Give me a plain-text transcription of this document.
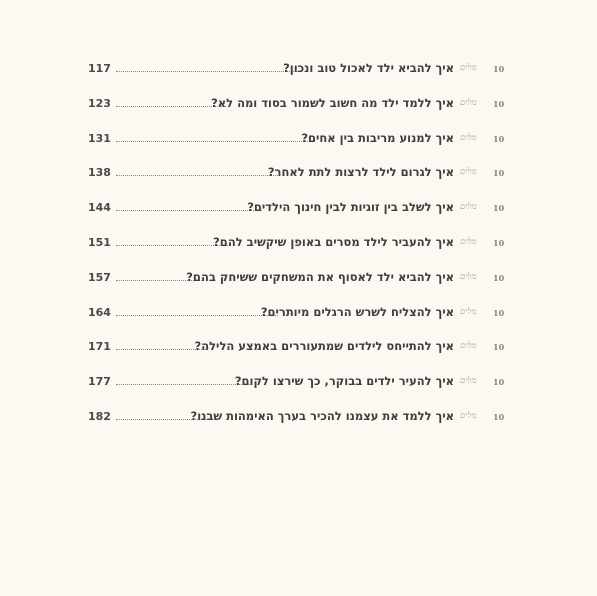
117	איך להביא ילד לאכול טוב ונכון? מלים 10
123	איך ללמד ילד מה חשוב לשמור בסוד ומה לא? מלים 10
131	איך למנוע מריבות בין אחים? מלים 10
138	איך לגרום לילד לרצות לתת לאחר? מלים 10
144	איך לשלב בין זוגיות לבין חינוך הילדים? מלים 10
151	איך להעביר לילד מסרים באופן שיקשיב להם? מלים 10
157	איך להביא ילד לאסוף את המשחקים ששיחק בהם? מלים 10
164	איך להצליח לשרש הרגלים מיותרים? מלים 10
171	איך להתייחס לילדים שמתעוררים באמצע הלילה? מלים 10
177	איך להעיר ילדים בבוקר, כך שירצו לקום? מלים 10
182	איך ללמד את עצמנו להכיר בערך האימהות שבנו? מלים 10
